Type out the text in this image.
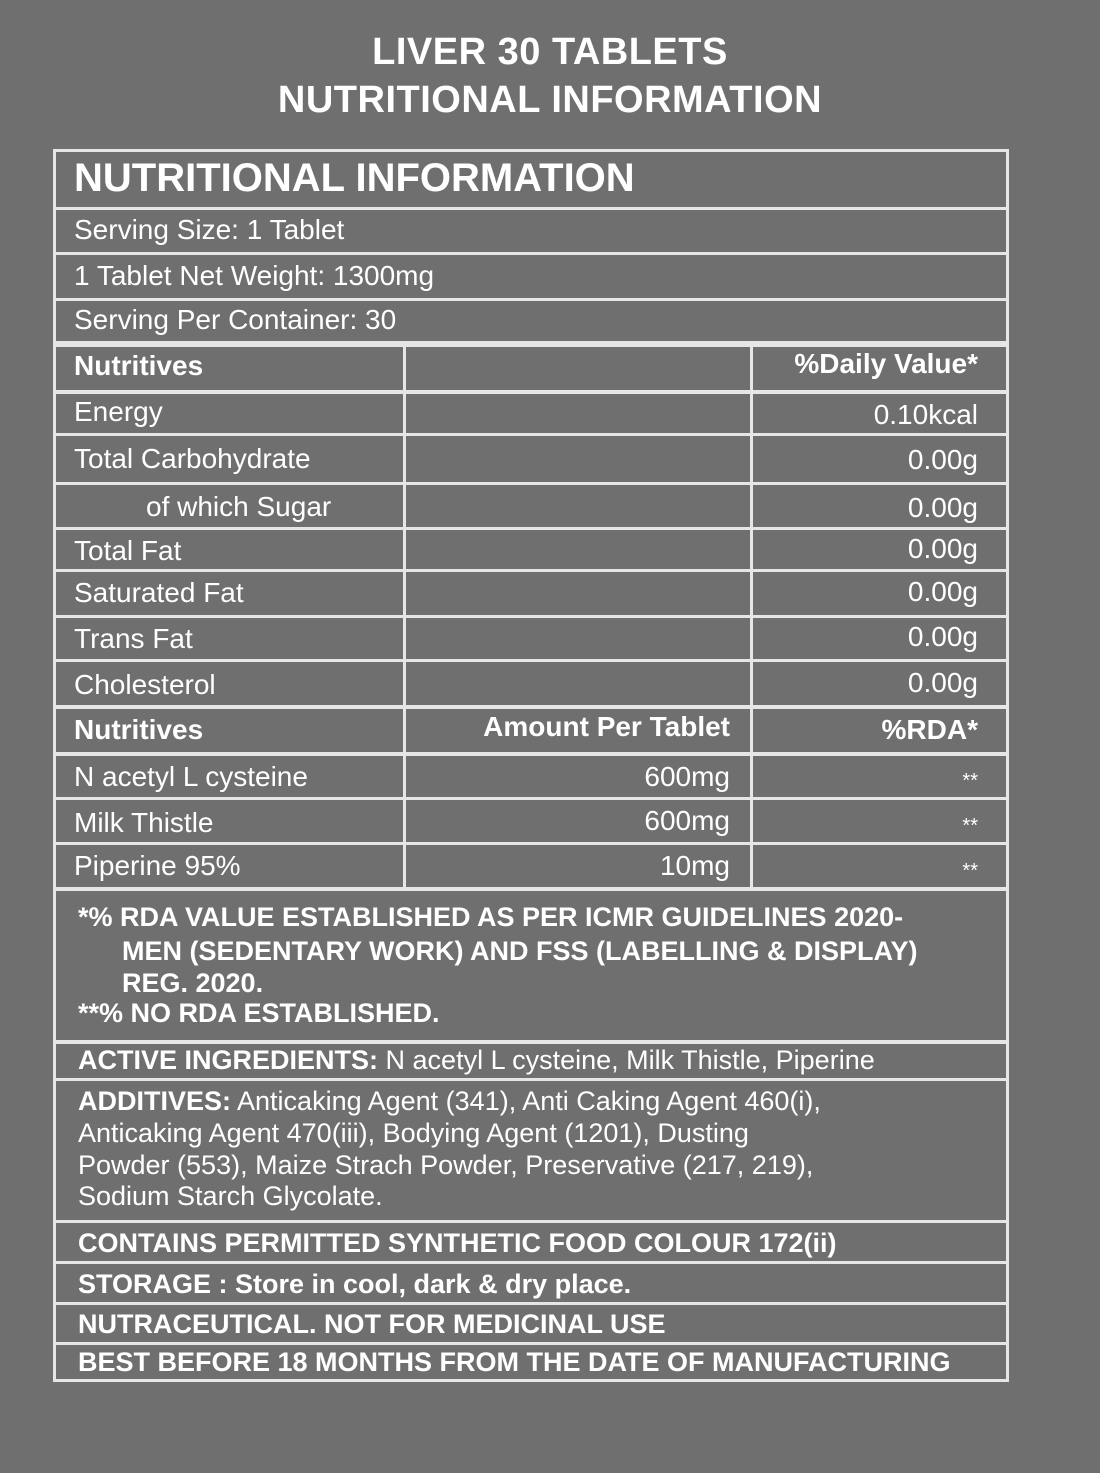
LIVER 30 TABLETS
NUTRITIONAL INFORMATION
NUTRITIONAL INFORMATION
Serving Size: 1 Tablet
1 Tablet Net Weight: 1300mg
Serving Per Container: 30
Nutritives	%Daily Value*
Energy	0.10kcal
Total Carbohydrate	0.00g
of which Sugar	0.00g
Total Fat	0.00g
Saturated Fat	0.00g
Trans Fat	0.00g
Cholesterol	0.00g
Nutritives	Amount Per Tablet	%RDA*
N acetyl L cysteine	600mg	**
Milk Thistle	600mg	**
Piperine 95%	10mg	**
*% RDA VALUE ESTABLISHED AS PER ICMR GUIDELINES 2020-
MEN (SEDENTARY WORK) AND FSS (LABELLING & DISPLAY)
REG. 2020.
**% NO RDA ESTABLISHED.
ACTIVE INGREDIENTS: N acetyl L cysteine, Milk Thistle, Piperine
ADDITIVES: Anticaking Agent (341), Anti Caking Agent 460(i),
Anticaking Agent 470(iii), Bodying Agent (1201), Dusting
Powder (553), Maize Strach Powder, Preservative (217, 219),
Sodium Starch Glycolate.
CONTAINS PERMITTED SYNTHETIC FOOD COLOUR 172(ii)
STORAGE : Store in cool, dark & dry place.
NUTRACEUTICAL. NOT FOR MEDICINAL USE
BEST BEFORE 18 MONTHS FROM THE DATE OF MANUFACTURING
